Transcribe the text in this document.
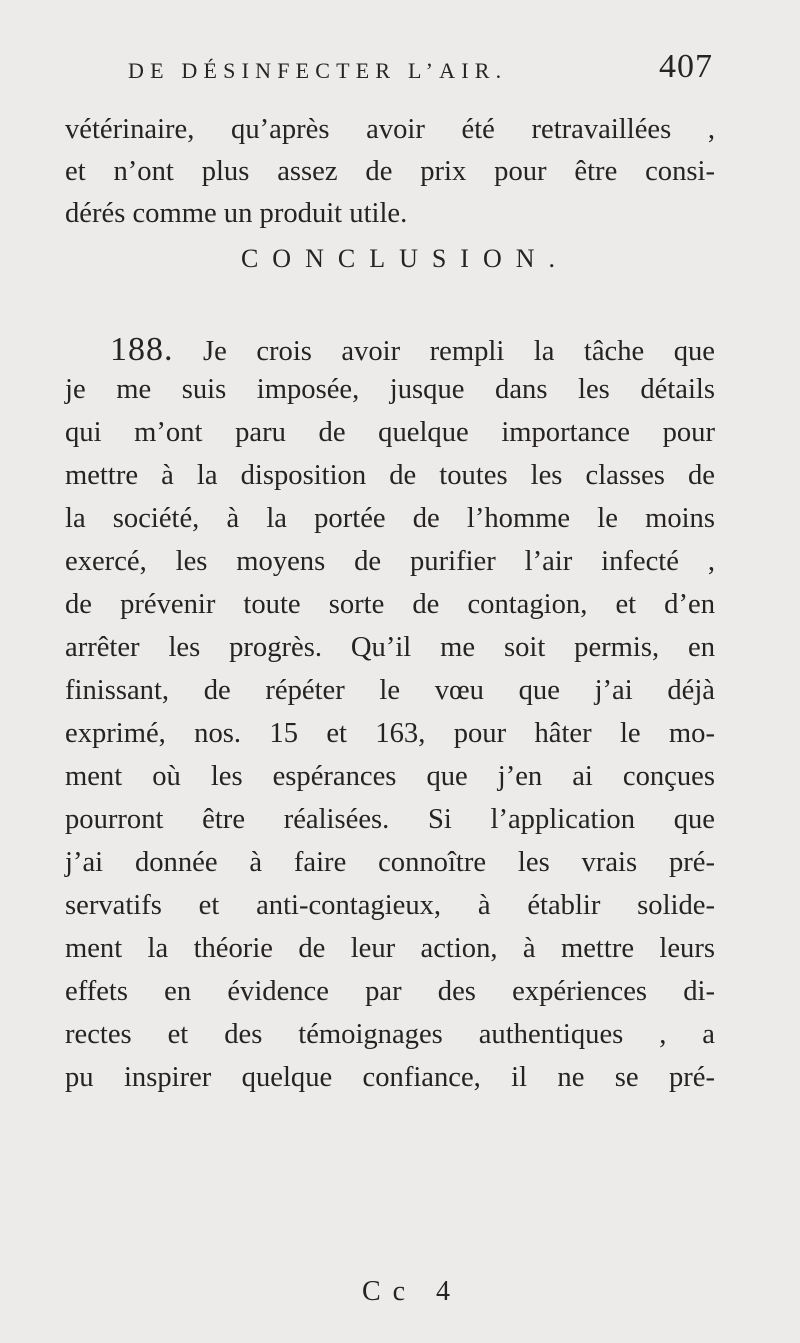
DE DÉSINFECTER L’AIR.	407
vétérinaire, qu’après avoir été retravaillées ,
et n’ont plus assez de prix pour être consi-
dérés comme un produit utile.
CONCLUSION.
188. Je crois avoir rempli la tâche que
je me suis imposée, jusque dans les détails
qui m’ont paru de quelque importance pour
mettre à la disposition de toutes les classes de
la société, à la portée de l’homme le moins
exercé, les moyens de purifier l’air infecté ,
de prévenir toute sorte de contagion, et d’en
arrêter les progrès. Qu’il me soit permis, en
finissant, de répéter le vœu que j’ai déjà
exprimé, nos. 15 et 163, pour hâter le mo-
ment où les espérances que j’en ai conçues
pourront être réalisées. Si l’application que
j’ai donnée à faire connoître les vrais pré-
servatifs et anti-contagieux, à établir solide-
ment la théorie de leur action, à mettre leurs
effets en évidence par des expériences di-
rectes et des témoignages authentiques , a
pu inspirer quelque confiance, il ne se pré-
Cc 4
